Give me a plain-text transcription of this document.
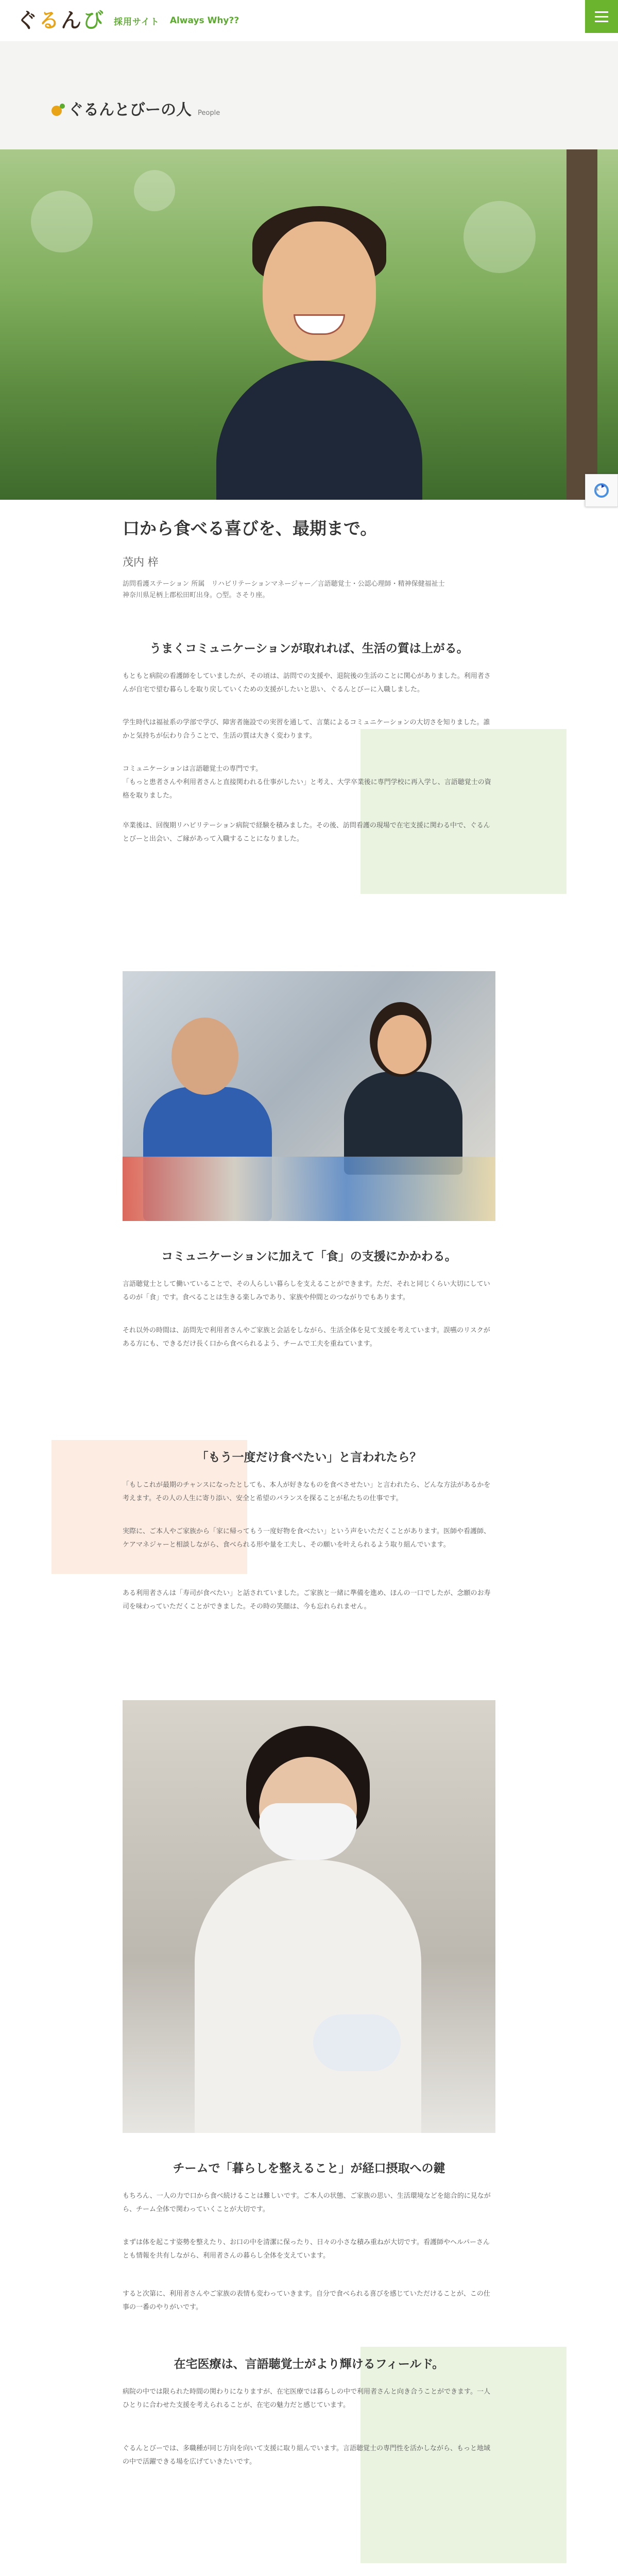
ぐ る ん び 採用サイト Always Why??
ぐるんとびーの人 People
口から食べる喜びを、最期まで。
茂内 梓
訪問看護ステーション 所属　リハビリテーションマネージャー／言語聴覚士・公認心理師・精神保健福祉士
神奈川県足柄上郡松田町出身。○型。さそり座。
うまくコミュニケーションが取れれば、生活の質は上がる。
もともと病院の看護師をしていましたが、その頃は、訪問での支援や、退院後の生活のことに関心がありました。利用者さんが自宅で望む暮らしを取り戻していくための支援がしたいと思い、ぐるんとびーに入職しました。
学生時代は福祉系の学部で学び、障害者施設での実習を通して、言葉によるコミュニケーションの大切さを知りました。誰かと気持ちが伝わり合うことで、生活の質は大きく変わります。
コミュニケーションは言語聴覚士の専門です。
「もっと患者さんや利用者さんと直接関われる仕事がしたい」と考え、大学卒業後に専門学校に再入学し、言語聴覚士の資格を取りました。
卒業後は、回復期リハビリテーション病院で経験を積みました。その後、訪問看護の現場で在宅支援に関わる中で、ぐるんとびーと出会い、ご縁があって入職することになりました。
コミュニケーションに加えて「食」の支援にかかわる。
言語聴覚士として働いていることで、その人らしい暮らしを支えることができます。ただ、それと同じくらい大切にしているのが「食」です。食べることは生きる楽しみであり、家族や仲間とのつながりでもあります。
それ以外の時間は、訪問先で利用者さんやご家族と会話をしながら、生活全体を見て支援を考えています。誤嚥のリスクがある方にも、できるだけ長く口から食べられるよう、チームで工夫を重ねています。
「もう一度だけ食べたい」と言われたら？
「もしこれが最期のチャンスになったとしても、本人が好きなものを食べさせたい」と言われたら、どんな方法があるかを考えます。その人の人生に寄り添い、安全と希望のバランスを探ることが私たちの仕事です。
実際に、ご本人やご家族から「家に帰ってもう一度好物を食べたい」という声をいただくことがあります。医師や看護師、ケアマネジャーと相談しながら、食べられる形や量を工夫し、その願いを叶えられるよう取り組んでいます。
ある利用者さんは「寿司が食べたい」と話されていました。ご家族と一緒に準備を進め、ほんの一口でしたが、念願のお寿司を味わっていただくことができました。その時の笑顔は、今も忘れられません。
チームで「暮らしを整えること」が経口摂取への鍵
もちろん、一人の力で口から食べ続けることは難しいです。ご本人の状態、ご家族の思い、生活環境などを総合的に見ながら、チーム全体で関わっていくことが大切です。
まずは体を起こす姿勢を整えたり、お口の中を清潔に保ったり、日々の小さな積み重ねが大切です。看護師やヘルパーさんとも情報を共有しながら、利用者さんの暮らし全体を支えています。
すると次第に、利用者さんやご家族の表情も変わっていきます。自分で食べられる喜びを感じていただけることが、この仕事の一番のやりがいです。
在宅医療は、言語聴覚士がより輝けるフィールド。
病院の中では限られた時間の関わりになりますが、在宅医療では暮らしの中で利用者さんと向き合うことができます。一人ひとりに合わせた支援を考えられることが、在宅の魅力だと感じています。
ぐるんとびーでは、多職種が同じ方向を向いて支援に取り組んでいます。言語聴覚士の専門性を活かしながら、もっと地域の中で活躍できる場を広げていきたいです。
